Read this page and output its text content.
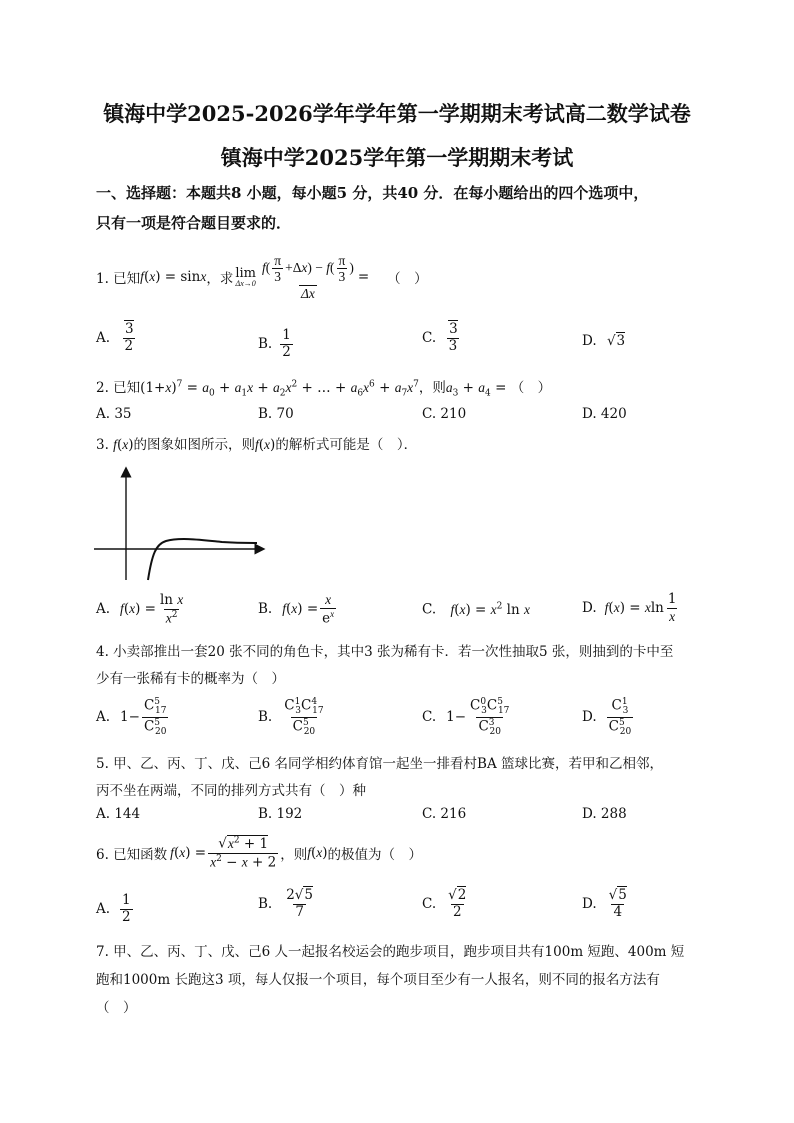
镇海中学2025-2026学年学年第一学期期末考试高二数学试卷
镇海中学2025学年第一学期期末考试
一、选择题：本题共8 小题，每小题5 分，共40 分．在每小题给出的四个选项中，
只有一项是符合题目要求的．
1. 已知 f ( x ) = sin x ，求 lim
$\Delta x\to 0 \frac{f( \frac{\pi}{3} +\Delta x) - f( \frac{\pi}{3} )}{\Delta x}$ = （　）
A. $\frac{3}{2}$	B. $\frac{1}{2}$	C. $\frac{3}{3}$	D. √3
2. 已知$(1+x)^7 = a_0 + a_1x + a_2x^2$ + … + $a_6x^6 + a_7x^7$，则$a_3 + a_4$ = （　）
A. 35	B. 70	C. 210	D. 420
3. f(x)的图象如图所示，则f(x)的解析式可能是（　）．
A. $f(x) = \frac{\text{ln x}}{x^2}$	B. $f(x) = \frac{x}{e^x}$	C. $f(x) = x^2$ ln x	D. f(x) = xln $\frac{1}{x}$
4. 小卖部推出一套20 张不同的角色卡，其中3 张为稀有卡．若一次性抽取5 张，则抽到的卡中至
少有一张稀有卡的概率为（　）
A. $1- \frac{C^5_{17}}{C^5_{20}}$	B. $\frac{C^1_3C^4_{17}}{C^5_{20}}$	C. $1- \frac{C^0_3C^5_{17}}{C^3_{20}}$	D. $\frac{C^1_3}{C^5_{20}}$
5. 甲、乙、丙、丁、戊、己6 名同学相约体育馆一起坐一排看村BA 篮球比赛，若甲和乙相邻，
丙不坐在两端，不同的排列方式共有（　）种
A. 144	B. 192	C. 216	D. 288
6. 已知函数 $f(x) = \frac{√x^2 + 1}{x^2 - x + 2}$ ，则 f ( x ) 的极值为（　）
A. $\frac{1}{2}$	B. $\frac{2√5}{7}$	C. $\frac{√2}{2}$	D. $\frac{√5}{4}$
7. 甲、乙、丙、丁、戊、己6 人一起报名校运会的跑步项目，跑步项目共有100m 短跑、400m 短
跑和1000m 长跑这3 项，每人仅报一个项目，每个项目至少有一人报名，则不同的报名方法有
（　）
